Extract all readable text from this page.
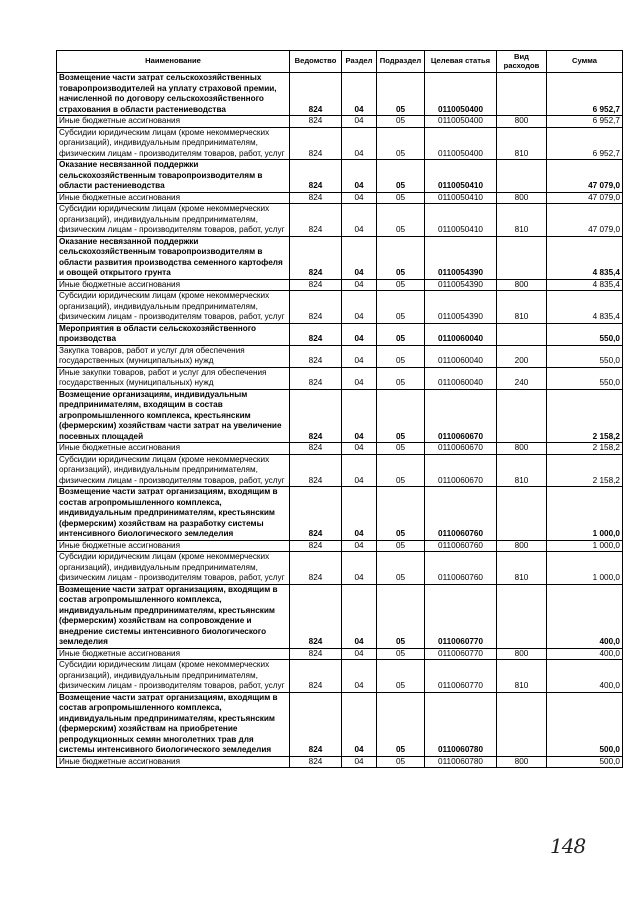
Наименование	Ведомство	Раздел	Подраздел	Целевая статья	Вид расходов	Сумма
Возмещение части затрат сельскохозяйственных товаропроизводителей на уплату страховой премии, начисленной по договору сельскохозяйственного страхования в области растениеводства	824	04	05	0110050400		6 952,7
Иные бюджетные ассигнования	824	04	05	0110050400	800	6 952,7
Субсидии юридическим лицам (кроме некоммерческих организаций), индивидуальным предпринимателям, физическим лицам - производителям товаров, работ, услуг	824	04	05	0110050400	810	6 952,7
Оказание несвязанной поддержки сельскохозяйственным товаропроизводителям в области растениеводства	824	04	05	0110050410		47 079,0
Иные бюджетные ассигнования	824	04	05	0110050410	800	47 079,0
Субсидии юридическим лицам (кроме некоммерческих организаций), индивидуальным предпринимателям, физическим лицам - производителям товаров, работ, услуг	824	04	05	0110050410	810	47 079,0
Оказание несвязанной поддержки сельскохозяйственным товаропроизводителям в области развития производства семенного картофеля и овощей открытого грунта	824	04	05	0110054390		4 835,4
Иные бюджетные ассигнования	824	04	05	0110054390	800	4 835,4
Субсидии юридическим лицам (кроме некоммерческих организаций), индивидуальным предпринимателям, физическим лицам - производителям товаров, работ, услуг	824	04	05	0110054390	810	4 835,4
Мероприятия в области сельскохозяйственного производства	824	04	05	0110060040		550,0
Закупка товаров, работ и услуг для обеспечения государственных (муниципальных) нужд	824	04	05	0110060040	200	550,0
Иные закупки товаров, работ и услуг для обеспечения государственных (муниципальных) нужд	824	04	05	0110060040	240	550,0
Возмещение организациям, индивидуальным предпринимателям, входящим в состав агропромышленного комплекса, крестьянским (фермерским) хозяйствам части затрат на увеличение посевных площадей	824	04	05	0110060670		2 158,2
Иные бюджетные ассигнования	824	04	05	0110060670	800	2 158,2
Субсидии юридическим лицам (кроме некоммерческих организаций), индивидуальным предпринимателям, физическим лицам - производителям товаров, работ, услуг	824	04	05	0110060670	810	2 158,2
Возмещение части затрат организациям, входящим в состав агропромышленного комплекса, индивидуальным предпринимателям, крестьянским (фермерским) хозяйствам на разработку системы интенсивного биологического земледелия	824	04	05	0110060760		1 000,0
Иные бюджетные ассигнования	824	04	05	0110060760	800	1 000,0
Субсидии юридическим лицам (кроме некоммерческих организаций), индивидуальным предпринимателям, физическим лицам - производителям товаров, работ, услуг	824	04	05	0110060760	810	1 000,0
Возмещение части затрат организациям, входящим в состав агропромышленного комплекса, индивидуальным предпринимателям, крестьянским (фермерским) хозяйствам на сопровождение и внедрение системы интенсивного биологического земледелия	824	04	05	0110060770		400,0
Иные бюджетные ассигнования	824	04	05	0110060770	800	400,0
Субсидии юридическим лицам (кроме некоммерческих организаций), индивидуальным предпринимателям, физическим лицам - производителям товаров, работ, услуг	824	04	05	0110060770	810	400,0
Возмещение части затрат организациям, входящим в состав агропромышленного комплекса, индивидуальным предпринимателям, крестьянским (фермерским) хозяйствам на приобретение репродукционных семян многолетних трав для системы интенсивного биологического земледелия	824	04	05	0110060780		500,0
Иные бюджетные ассигнования	824	04	05	0110060780	800	500,0
148
